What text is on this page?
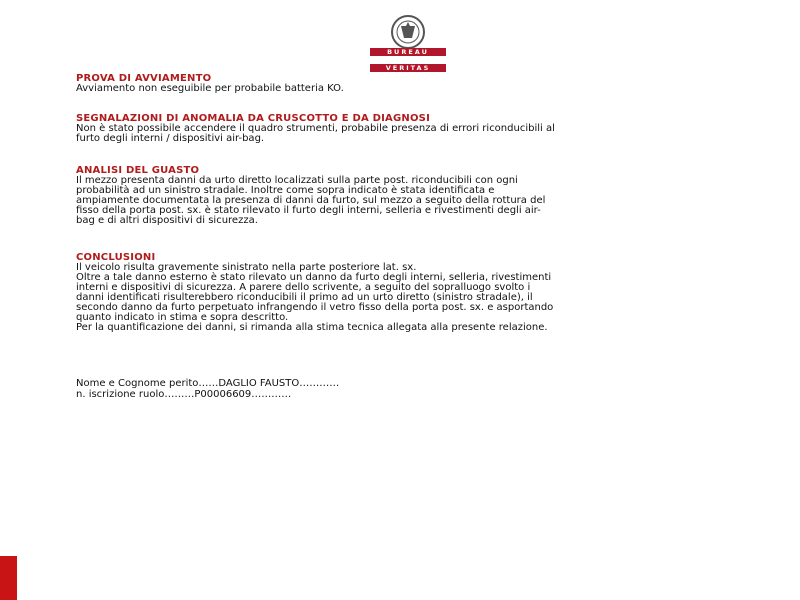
BUREAU
VERITAS

PROVA DI AVVIAMENTO

Avviamento non eseguibile per probabile batteria KO.

SEGNALAZIONI DI ANOMALIA DA CRUSCOTTO E DA DIAGNOSI

Non è stato possibile accendere il quadro strumenti, probabile presenza di errori riconducibili al
furto degli interni / dispositivi air-bag.

ANALISI DEL GUASTO

Il mezzo presenta danni da urto diretto localizzati sulla parte post. riconducibili con ogni
probabilità ad un sinistro stradale. Inoltre come sopra indicato è stata identificata e
ampiamente documentata la presenza di danni da furto, sul mezzo a seguito della rottura del
fisso della porta post. sx. è stato rilevato il furto degli interni, selleria e rivestimenti degli air-
bag e di altri dispositivi di sicurezza.

CONCLUSIONI

Il veicolo risulta gravemente sinistrato nella parte posteriore lat. sx.
Oltre a tale danno esterno è stato rilevato un danno da furto degli interni, selleria, rivestimenti
interni e dispositivi di sicurezza. A parere dello scrivente, a seguito del sopralluogo svolto i
danni identificati risulterebbero riconducibili il primo ad un urto diretto (sinistro stradale), il
secondo danno da furto perpetuato infrangendo il vetro fisso della porta post. sx. e asportando
quanto indicato in stima e sopra descritto.
Per la quantificazione dei danni, si rimanda alla stima tecnica allegata alla presente relazione.

Nome e Cognome perito……DAGLIO FAUSTO…………
n. iscrizione ruolo………P00006609…………
